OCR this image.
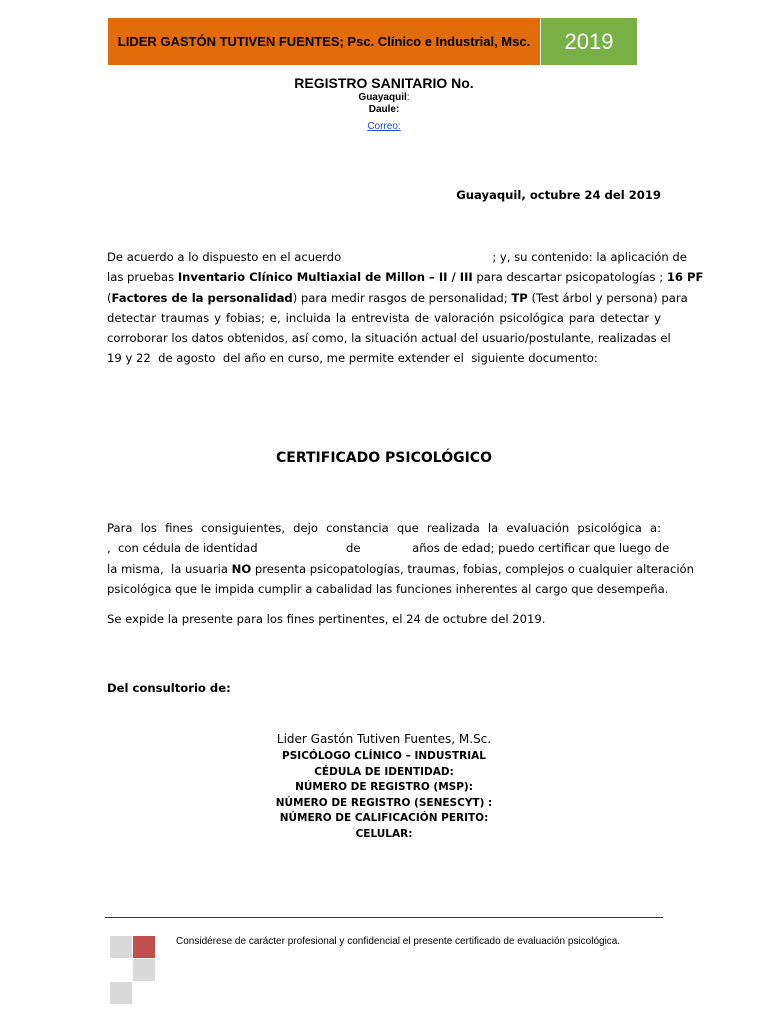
LIDER GASTÓN TUTIVEN FUENTES; Psc. Clínico e Industrial, Msc. 2019
REGISTRO SANITARIO No.
Guayaquil:
Daule:
Correo:
Guayaquil, octubre 24 del 2019
De acuerdo a lo dispuesto en el acuerdo	; y, su contenido: la aplicación de
las pruebas Inventario Clínico Multiaxial de Millon – II / III para descartar psicopatologías ; 16 PF
(Factores de la personalidad) para medir rasgos de personalidad; TP (Test árbol y persona) para
detectar traumas y fobias; e, incluida la entrevista de valoración psicológica para detectar y
corroborar los datos obtenidos, así como, la situación actual del usuario/postulante, realizadas el
19 y 22  de agosto  del año en curso, me permite extender el  siguiente documento:
CERTIFICADO PSICOLÓGICO
Para los fines consiguientes, dejo constancia que realizada la evaluación psicológica a:
,  con cédula de identidad                        de              años de edad; puedo certificar que luego de
la misma,  la usuaria NO presenta psicopatologías, traumas, fobias, complejos o cualquier alteración
psicológica que le impida cumplir a cabalidad las funciones inherentes al cargo que desempeña.
Se expide la presente para los fines pertinentes, el 24 de octubre del 2019.
Del consultorio de:
Lider Gastón Tutiven Fuentes, M.Sc.
PSICÓLOGO CLÍNICO – INDUSTRIAL
CÉDULA DE IDENTIDAD:
NÚMERO DE REGISTRO (MSP):
NÚMERO DE REGISTRO (SENESCYT) :
NÚMERO DE CALIFICACIÓN PERITO:
CELULAR:
Considérese de carácter profesional y confidencial el presente certificado de evaluación psicológica.
